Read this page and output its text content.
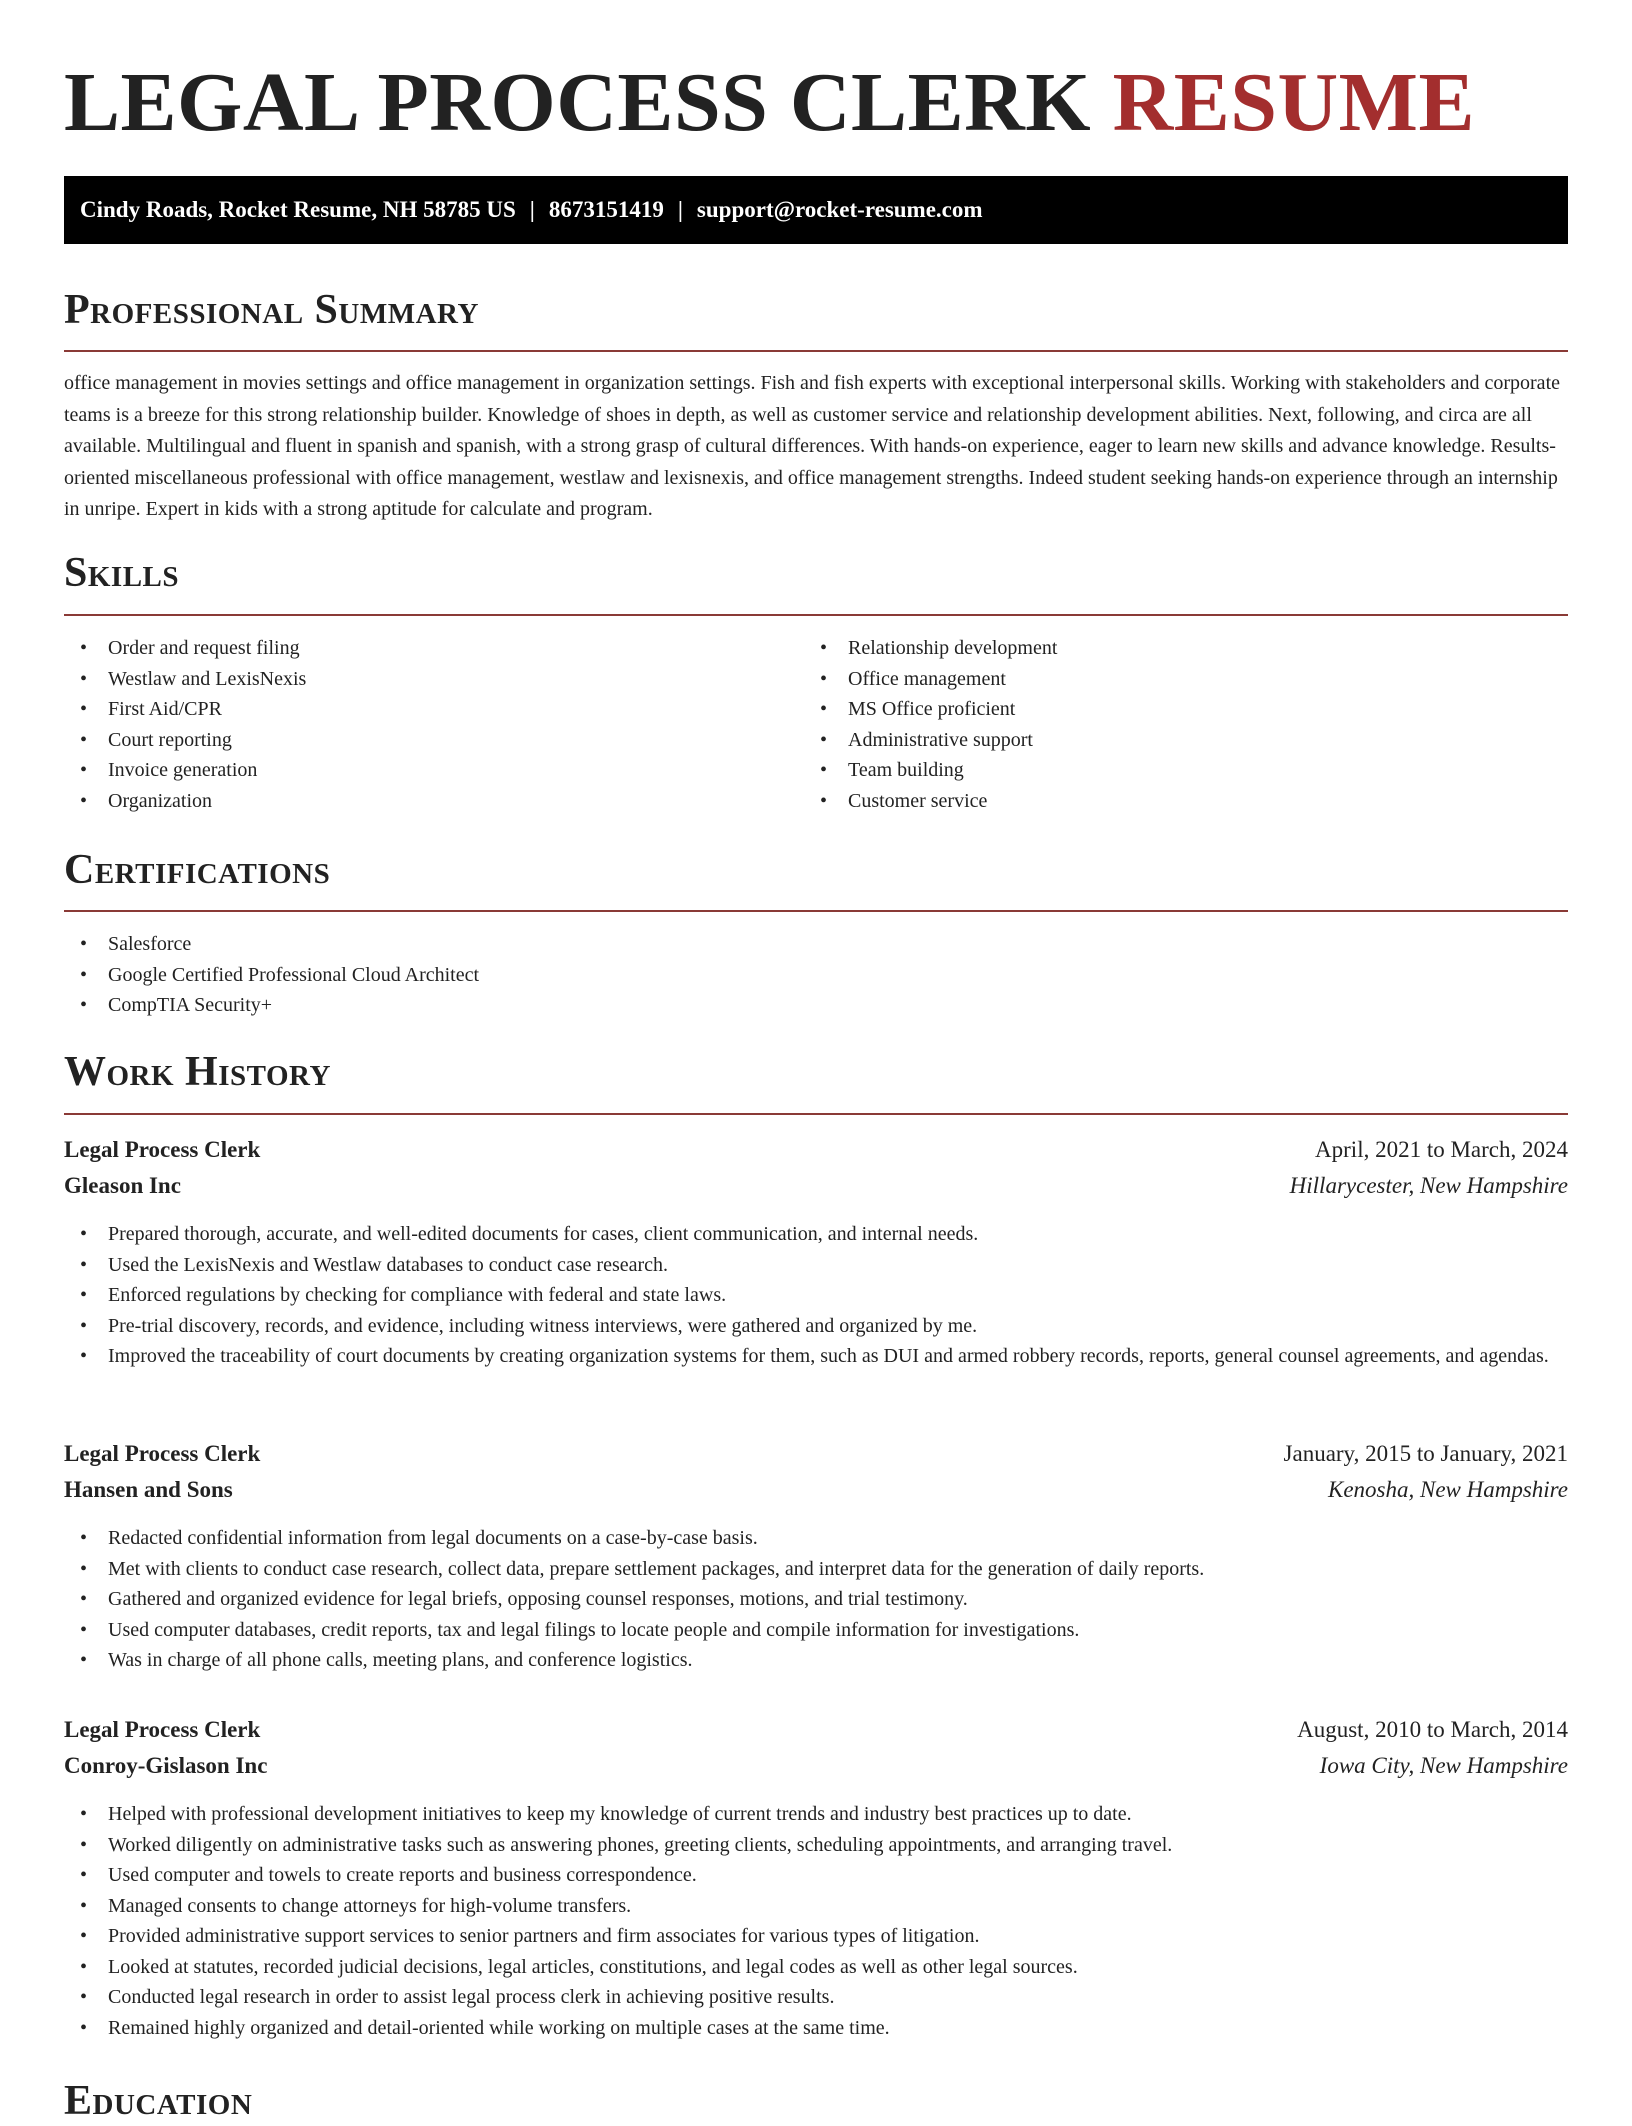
LEGAL PROCESS CLERK RESUME
Cindy Roads, Rocket Resume, NH 58785 US | 8673151419 | support@rocket-resume.com
Professional Summary

office management in movies settings and office management in organization settings. Fish and fish experts with exceptional interpersonal skills. Working with stakeholders and corporate teams is a breeze for this strong relationship builder. Knowledge of shoes in depth, as well as customer service and relationship development abilities. Next, following, and circa are all available. Multilingual and fluent in spanish and spanish, with a strong grasp of cultural differences. With hands-on experience, eager to learn new skills and advance knowledge. Results-oriented miscellaneous professional with office management, westlaw and lexisnexis, and office management strengths. Indeed student seeking hands-on experience through an internship in unripe. Expert in kids with a strong aptitude for calculate and program.

Skills
• Order and request filing
• Westlaw and LexisNexis
• First Aid/CPR
• Court reporting
• Invoice generation
• Organization
• Relationship development
• Office management
• MS Office proficient
• Administrative support
• Team building
• Customer service
Certifications
• Salesforce
• Google Certified Professional Cloud Architect
• CompTIA Security+
Work History
Legal Process Clerk	April, 2021 to March, 2024
Gleason Inc	Hillarycester, New Hampshire
• Prepared thorough, accurate, and well-edited documents for cases, client communication, and internal needs.
• Used the LexisNexis and Westlaw databases to conduct case research.
• Enforced regulations by checking for compliance with federal and state laws.
• Pre-trial discovery, records, and evidence, including witness interviews, were gathered and organized by me.
• Improved the traceability of court documents by creating organization systems for them, such as DUI and armed robbery records, reports, general counsel agreements, and agendas.
Legal Process Clerk	January, 2015 to January, 2021
Hansen and Sons	Kenosha, New Hampshire
• Redacted confidential information from legal documents on a case-by-case basis.
• Met with clients to conduct case research, collect data, prepare settlement packages, and interpret data for the generation of daily reports.
• Gathered and organized evidence for legal briefs, opposing counsel responses, motions, and trial testimony.
• Used computer databases, credit reports, tax and legal filings to locate people and compile information for investigations.
• Was in charge of all phone calls, meeting plans, and conference logistics.
Legal Process Clerk	August, 2010 to March, 2014
Conroy-Gislason Inc	Iowa City, New Hampshire
• Helped with professional development initiatives to keep my knowledge of current trends and industry best practices up to date.
• Worked diligently on administrative tasks such as answering phones, greeting clients, scheduling appointments, and arranging travel.
• Used computer and towels to create reports and business correspondence.
• Managed consents to change attorneys for high-volume transfers.
• Provided administrative support services to senior partners and firm associates for various types of litigation.
• Looked at statutes, recorded judicial decisions, legal articles, constitutions, and legal codes as well as other legal sources.
• Conducted legal research in order to assist legal process clerk in achieving positive results.
• Remained highly organized and detail-oriented while working on multiple cases at the same time.
Education
